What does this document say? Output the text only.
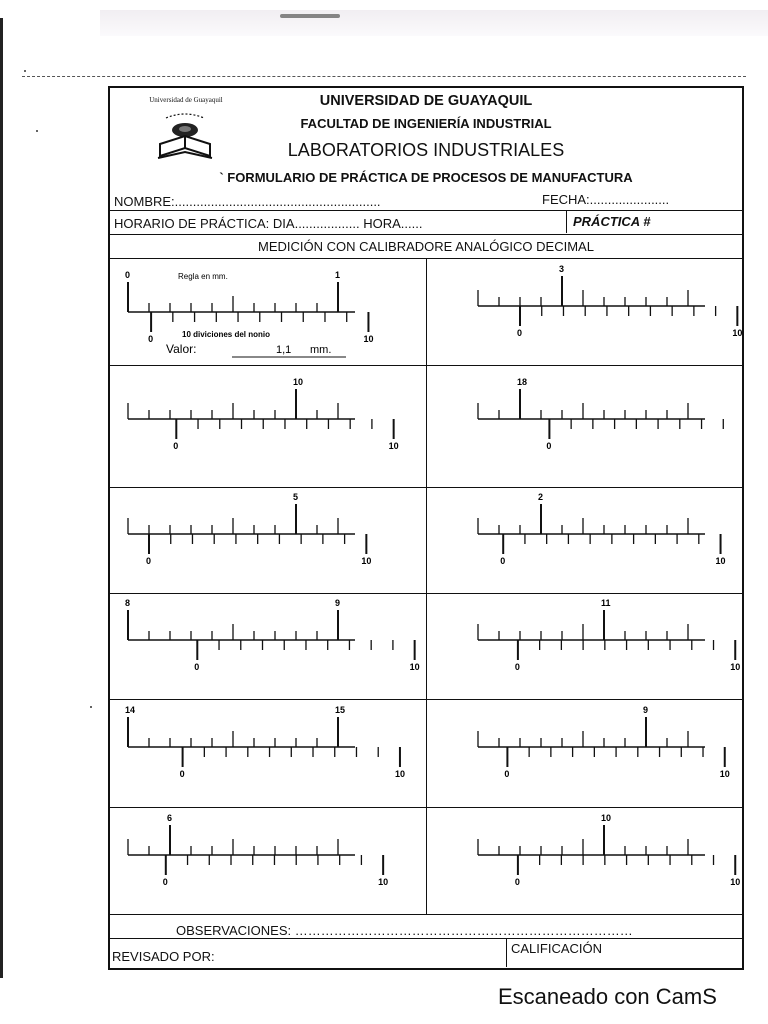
Universidad de Guayaquil	UNIVERSIDAD DE GUAYAQUIL
FACULTAD DE INGENIERÍA INDUSTRIAL
LABORATORIOS INDUSTRIALES
` FORMULARIO DE PRÁCTICA DE PROCESOS DE MANUFACTURA
NOMBRE:.........................................................	FECHA:......................
HORARIO DE PRÁCTICA: DIA.................. HORA......	PRÁCTICA #
MEDICIÓN CON CALIBRADORE ANALÓGICO DECIMAL
Regla en mm.
10 diviciones del nonio
Valor:	1,1 mm.
0	1
0	10
3
0	10
10
0	10
18
0
5
0	10
2
0	10
8	9
0	10
11
0	10
14	15
0	10
9
0	10
6
0	10
10
0	10
OBSERVACIONES: ……………………………………………………………………
REVISADO POR:
CALIFICACIÓN
Escaneado con CamS
